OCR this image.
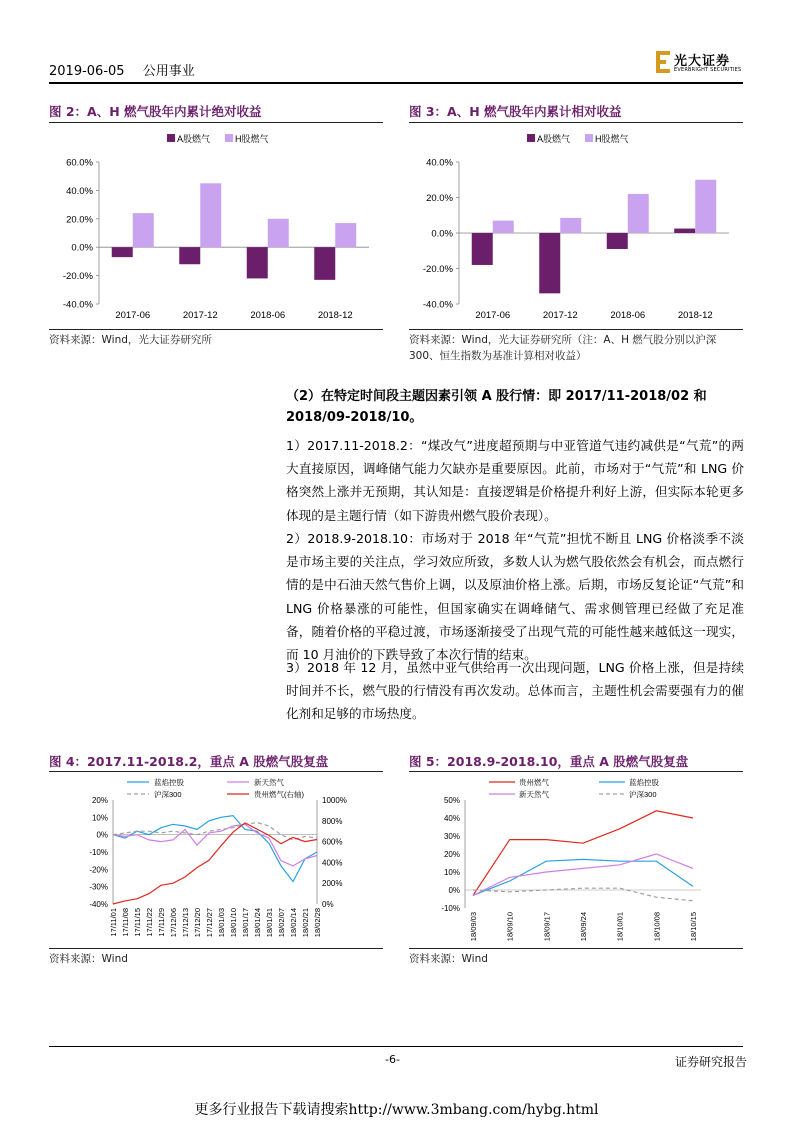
2019-06-05 公用事业
光大证券
EVERBRIGHT SECURITIES
图 2：A、H 燃气股年内累计绝对收益
A股燃气	H股燃气
60.0%
40.0%
20.0%
0.0%
-20.0%
-40.0%
2017-06	2017-12	2018-06	2018-12
资料来源：Wind，光大证券研究所
图 3：A、H 燃气股年内累计相对收益
A股燃气	H股燃气
40.0%
20.0%
0.0%
-20.0%
-40.0%
2017-06	2017-12	2018-06	2018-12
资料来源：Wind，光大证券研究所（注：A、H 燃气股分别以沪深 300、恒生指数为基准计算相对收益）
（2）在特定时间段主题因素引领 A 股行情：即 2017/11-2018/02 和 2018/09-2018/10。
1）2017.11-2018.2：“煤改气”进度超预期与中亚管道气违约减供是“气荒”的两大直接原因，调峰储气能力欠缺亦是重要原因。此前，市场对于“气荒”和 LNG 价格突然上涨并无预期，其认知是：直接逻辑是价格提升利好上游，但实际本轮更多体现的是主题行情（如下游贵州燃气股价表现）。
2）2018.9-2018.10：市场对于 2018 年“气荒”担忧不断且 LNG 价格淡季不淡是市场主要的关注点，学习效应所致，多数人认为燃气股依然会有机会，而点燃行情的是中石油天然气售价上调，以及原油价格上涨。后期，市场反复论证“气荒”和 LNG 价格暴涨的可能性，但国家确实在调峰储气、需求侧管理已经做了充足准备，随着价格的平稳过渡，市场逐渐接受了出现气荒的可能性越来越低这一现实，而 10 月油价的下跌导致了本次行情的结束。
3）2018 年 12 月，虽然中亚气供给再一次出现问题，LNG 价格上涨，但是持续时间并不长，燃气股的行情没有再次发动。总体而言，主题性机会需要强有力的催化剂和足够的市场热度。
图 4：2017.11-2018.2，重点 A 股燃气股复盘
蓝焰控股	新天然气
沪深300	贵州燃气(右轴)
20%
10%
0%
-10%
-20%
-30%
-40%
1000%
800%
600%
400%
200%
0%
17/11/01 17/11/08 17/11/15 17/11/22 17/11/29 17/12/06 17/12/13 17/12/20 17/12/27 18/01/03 18/01/10 18/01/17 18/01/24 18/01/31 18/02/07 18/02/14 18/02/21 18/02/28
资料来源：Wind
图 5：2018.9-2018.10，重点 A 股燃气股复盘
贵州燃气	蓝焰控股
新天然气	沪深300
50%
40%
30%
20%
10%
0%
-10%
18/09/03	18/09/10	18/09/17	18/09/24	18/10/01	18/10/08	18/10/15
资料来源：Wind
-6-	证券研究报告
更多行业报告下载请搜索http://www.3mbang.com/hybg.html
